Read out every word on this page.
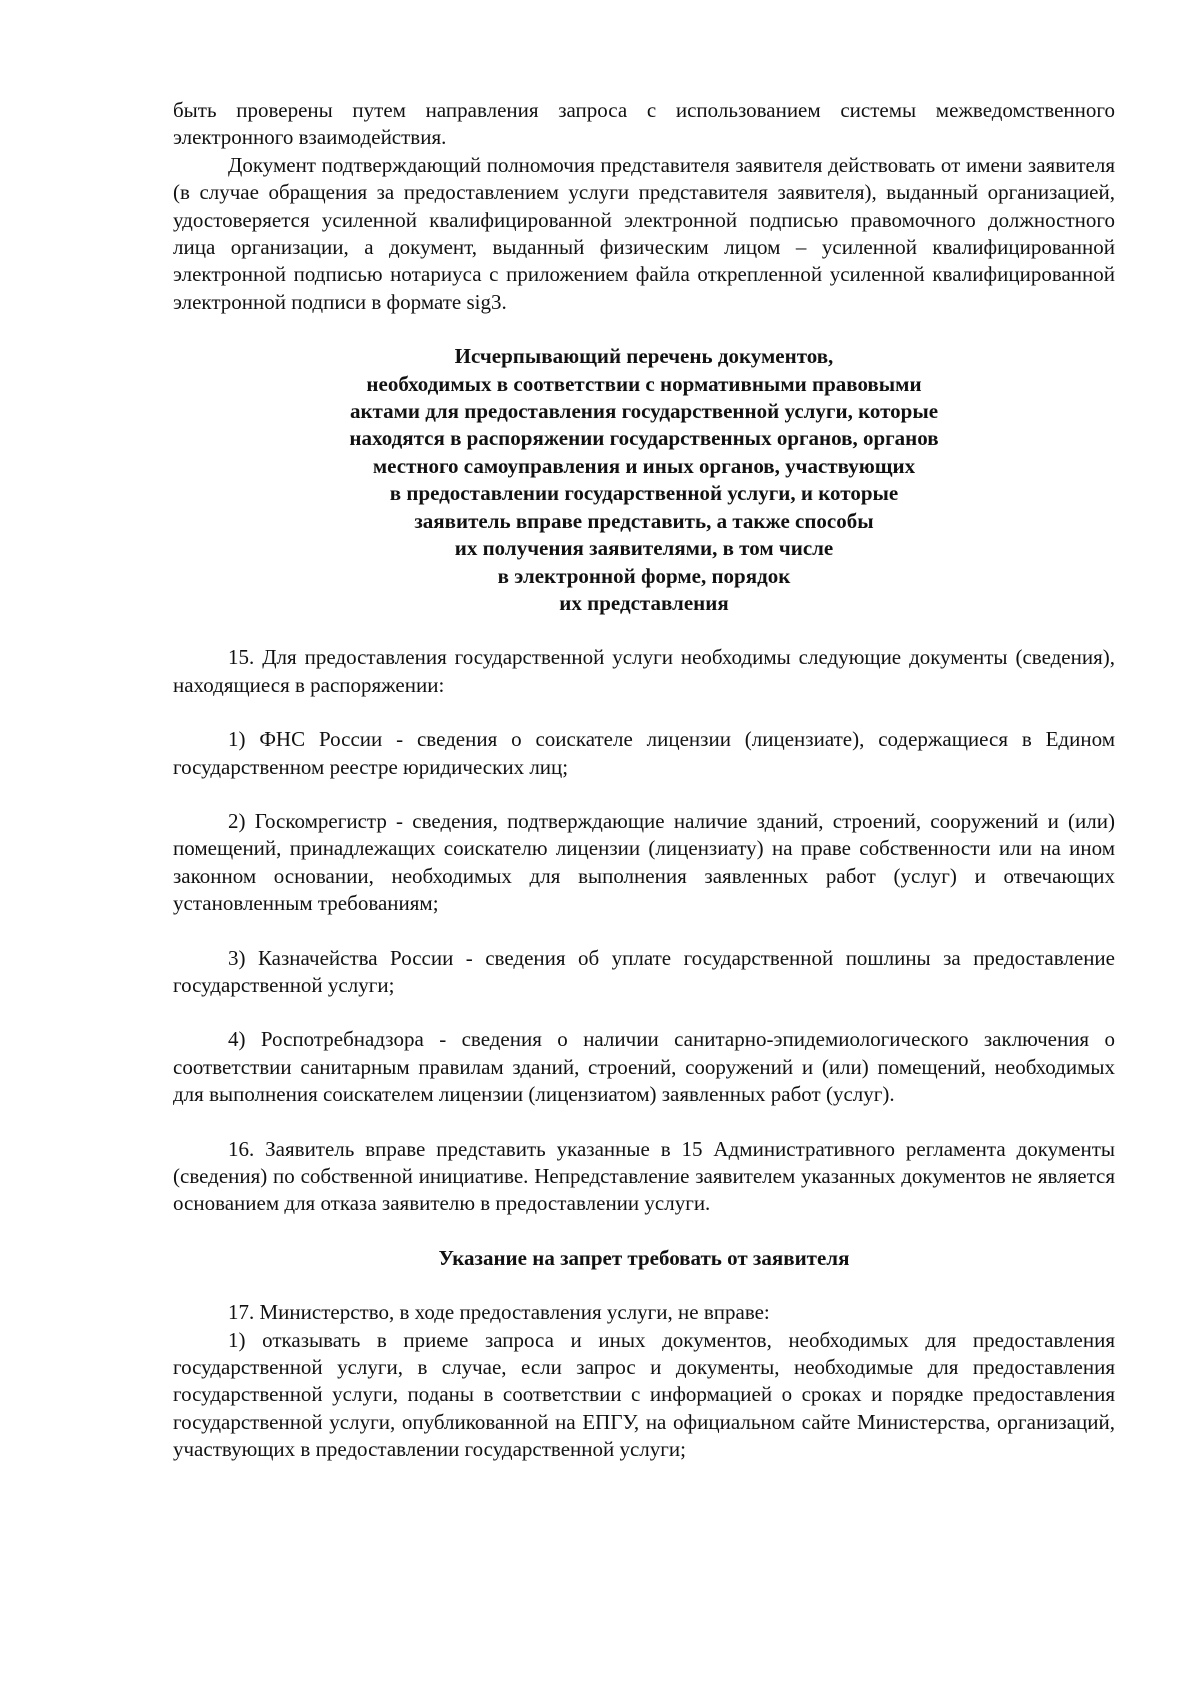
быть проверены путем направления запроса с использованием системы межведомственного электронного взаимодействия.

Документ подтверждающий полномочия представителя заявителя действовать от имени заявителя (в случае обращения за предоставлением услуги представителя заявителя), выданный организацией, удостоверяется усиленной квалифицированной электронной подписью правомочного должностного лица организации, а документ, выданный физическим лицом – усиленной квалифицированной электронной подписью нотариуса с приложением файла открепленной усиленной квалифицированной электронной подписи в формате sig3.

Исчерпывающий перечень документов,
необходимых в соответствии с нормативными правовыми
актами для предоставления государственной услуги, которые
находятся в распоряжении государственных органов, органов
местного самоуправления и иных органов, участвующих
в предоставлении государственной услуги, и которые
заявитель вправе представить, а также способы
их получения заявителями, в том числе
в электронной форме, порядок
их представления

15. Для предоставления государственной услуги необходимы следующие документы (сведения), находящиеся в распоряжении:

1) ФНС России - сведения о соискателе лицензии (лицензиате), содержащиеся в Едином государственном реестре юридических лиц;

2) Госкомрегистр - сведения, подтверждающие наличие зданий, строений, сооружений и (или) помещений, принадлежащих соискателю лицензии (лицензиату) на праве собственности или на ином законном основании, необходимых для выполнения заявленных работ (услуг) и отвечающих установленным требованиям;

3) Казначейства России - сведения об уплате государственной пошлины за предоставление государственной услуги;

4) Роспотребнадзора - сведения о наличии санитарно-эпидемиологического заключения о соответствии санитарным правилам зданий, строений, сооружений и (или) помещений, необходимых для выполнения соискателем лицензии (лицензиатом) заявленных работ (услуг).

16. Заявитель вправе представить указанные в 15 Административного регламента документы (сведения) по собственной инициативе. Непредставление заявителем указанных документов не является основанием для отказа заявителю в предоставлении услуги.

Указание на запрет требовать от заявителя

17. Министерство, в ходе предоставления услуги, не вправе:

1) отказывать в приеме запроса и иных документов, необходимых для предоставления государственной услуги, в случае, если запрос и документы, необходимые для предоставления государственной услуги, поданы в соответствии с информацией о сроках и порядке предоставления государственной услуги, опубликованной на ЕПГУ, на официальном сайте Министерства, организаций, участвующих в предоставлении государственной услуги;
